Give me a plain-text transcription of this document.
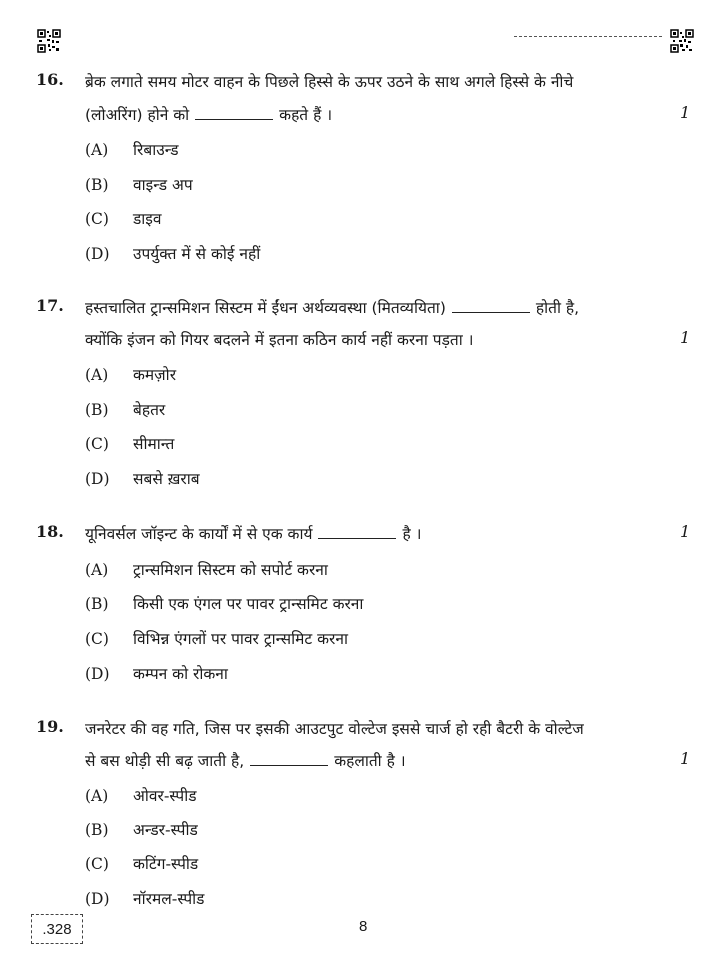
16. ब्रेक लगाते समय मोटर वाहन के पिछले हिस्से के ऊपर उठने के साथ अगले हिस्से के नीचे
(लोअरिंग) होने को	कहते हैं ।	1
(A) रिबाउन्ड
(B) वाइन्ड अप
(C) डाइव
(D) उपर्युक्त में से कोई नहीं
17. हस्तचालित ट्रान्समिशन सिस्टम में ईंधन अर्थव्यवस्था (मितव्ययिता)	होती है,
क्योंकि इंजन को गियर बदलने में इतना कठिन कार्य नहीं करना पड़ता ।	1
(A) कमज़ोर
(B) बेहतर
(C) सीमान्त
(D) सबसे ख़राब
18. यूनिवर्सल जॉइन्ट के कार्यों में से एक कार्य	है ।	1
(A) ट्रान्समिशन सिस्टम को सपोर्ट करना
(B) किसी एक एंगल पर पावर ट्रान्समिट करना
(C) विभिन्न एंगलों पर पावर ट्रान्समिट करना
(D) कम्पन को रोकना
19. जनरेटर की वह गति, जिस पर इसकी आउटपुट वोल्टेज इससे चार्ज हो रही बैटरी के वोल्टेज
से बस थोड़ी सी बढ़ जाती है,	कहलाती है ।	1
(A) ओवर-स्पीड
(B) अन्डर-स्पीड
(C) कटिंग-स्पीड
(D) नॉरमल-स्पीड
.328	8
